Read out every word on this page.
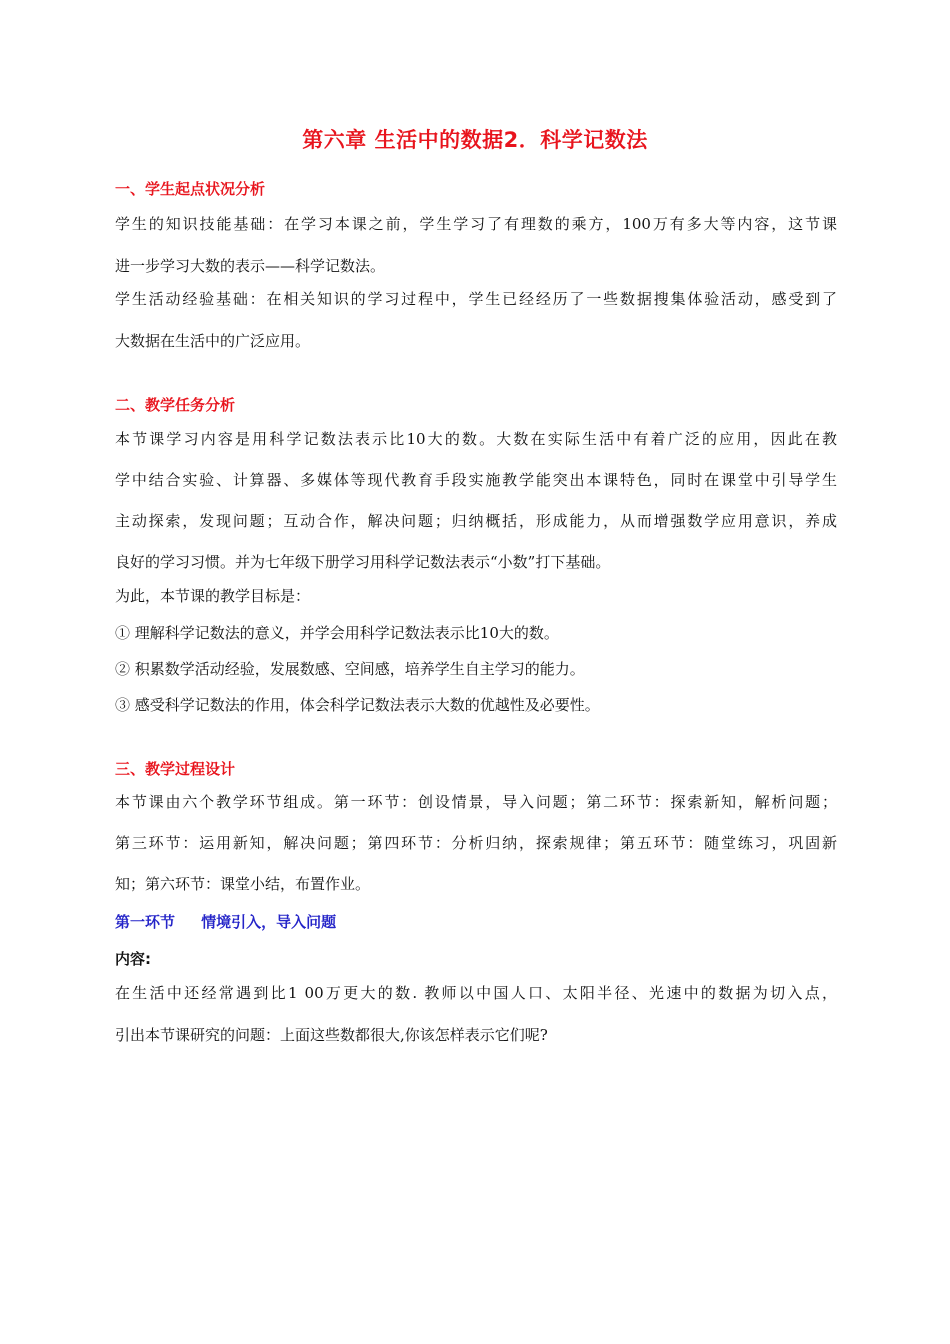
第六章 生活中的数据2．科学记数法
一、学生起点状况分析
学生的知识技能基础：在学习本课之前，学生学习了有理数的乘方，100万有多大等内容，这节课
进一步学习大数的表示——科学记数法。
学生活动经验基础：在相关知识的学习过程中，学生已经经历了一些数据搜集体验活动，感受到了
大数据在生活中的广泛应用。
二、教学任务分析
本节课学习内容是用科学记数法表示比10大的数。大数在实际生活中有着广泛的应用，因此在教
学中结合实验、计算器、多媒体等现代教育手段实施教学能突出本课特色，同时在课堂中引导学生
主动探索，发现问题；互动合作，解决问题；归纳概括，形成能力，从而增强数学应用意识，养成
良好的学习习惯。并为七年级下册学习用科学记数法表示“小数”打下基础。
为此，本节课的教学目标是：
① 理解科学记数法的意义，并学会用科学记数法表示比10大的数。
② 积累数学活动经验，发展数感、空间感，培养学生自主学习的能力。
③ 感受科学记数法的作用，体会科学记数法表示大数的优越性及必要性。
三、教学过程设计
本节课由六个教学环节组成。第一环节：创设情景，导入问题；第二环节：探索新知，解析问题；
第三环节：运用新知，解决问题；第四环节：分析归纳，探索规律；第五环节：随堂练习，巩固新
知；第六环节：课堂小结，布置作业。
第一环节     情境引入，导入问题
内容:
在生活中还经常遇到比1 00万更大的数. 教师以中国人口、太阳半径、光速中的数据为切入点，
引出本节课研究的问题：上面这些数都很大,你该怎样表示它们呢?
